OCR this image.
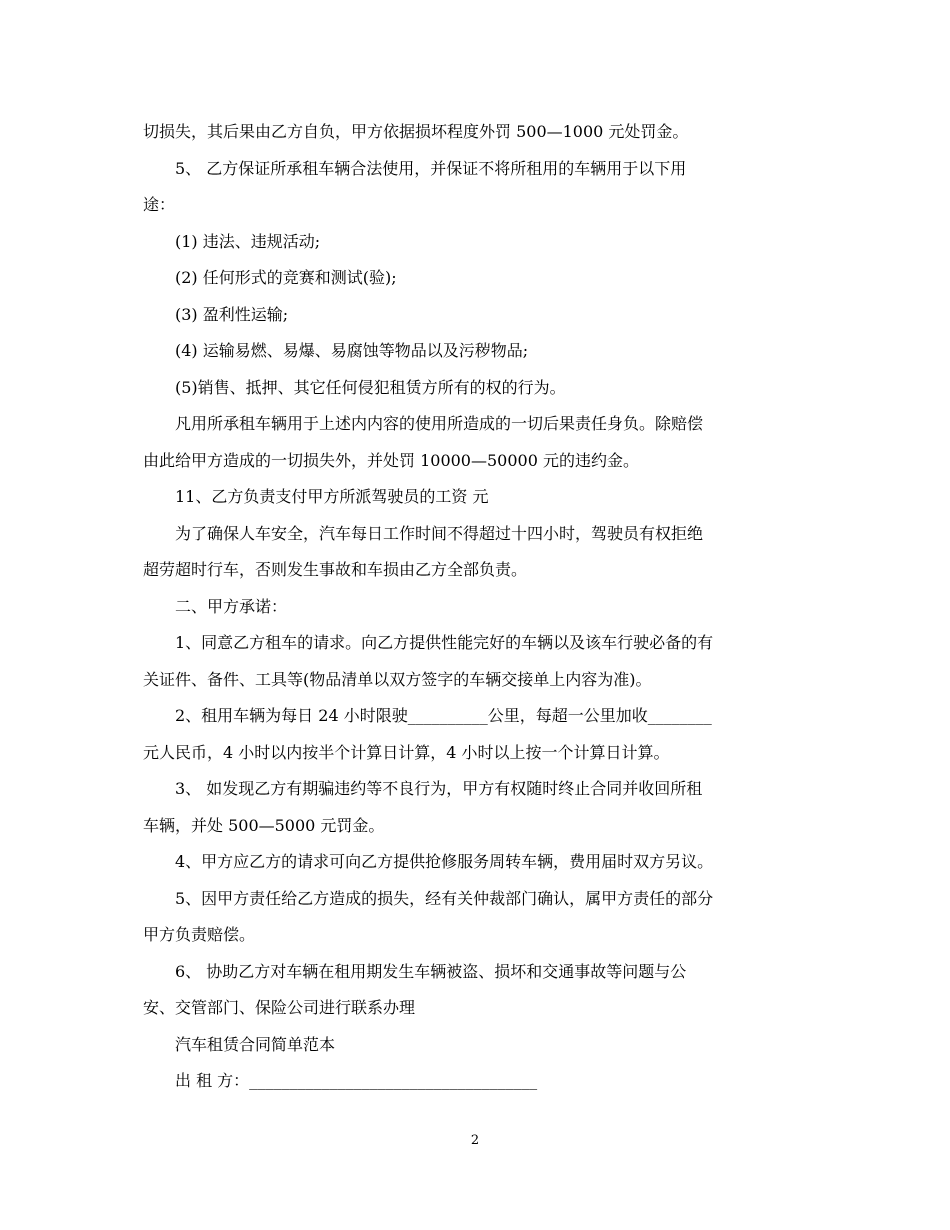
切损失，其后果由乙方自负，甲方依据损坏程度外罚 500—1000 元处罚金。
5、 乙方保证所承租车辆合法使用，并保证不将所租用的车辆用于以下用
途：
(1) 违法、违规活动;
(2) 任何形式的竞赛和测试(验);
(3) 盈利性运输;
(4) 运输易燃、易爆、易腐蚀等物品以及污秽物品;
(5)销售、抵押、其它任何侵犯租赁方所有的权的行为。
凡用所承租车辆用于上述内内容的使用所造成的一切后果责任身负。除赔偿
由此给甲方造成的一切损失外，并处罚 10000—50000 元的违约金。
11、乙方负责支付甲方所派驾驶员的工资 元
为了确保人车安全，汽车每日工作时间不得超过十四小时，驾驶员有权拒绝
超劳超时行车，否则发生事故和车损由乙方全部负责。
二、甲方承诺：
1、同意乙方租车的请求。向乙方提供性能完好的车辆以及该车行驶必备的有
关证件、备件、工具等(物品清单以双方签字的车辆交接单上内容为准)。
2、租用车辆为每日 24 小时限驶__________公里，每超一公里加收________
元人民币，4 小时以内按半个计算日计算，4 小时以上按一个计算日计算。
3、 如发现乙方有期骗违约等不良行为，甲方有权随时终止合同并收回所租
车辆，并处 500—5000 元罚金。
4、甲方应乙方的请求可向乙方提供抢修服务周转车辆，费用届时双方另议。
5、因甲方责任给乙方造成的损失，经有关仲裁部门确认，属甲方责任的部分
甲方负责赔偿。
6、 协助乙方对车辆在租用期发生车辆被盗、损坏和交通事故等问题与公
安、交管部门、保险公司进行联系办理
汽车租赁合同简单范本
出 租 方：____________________________________
2
